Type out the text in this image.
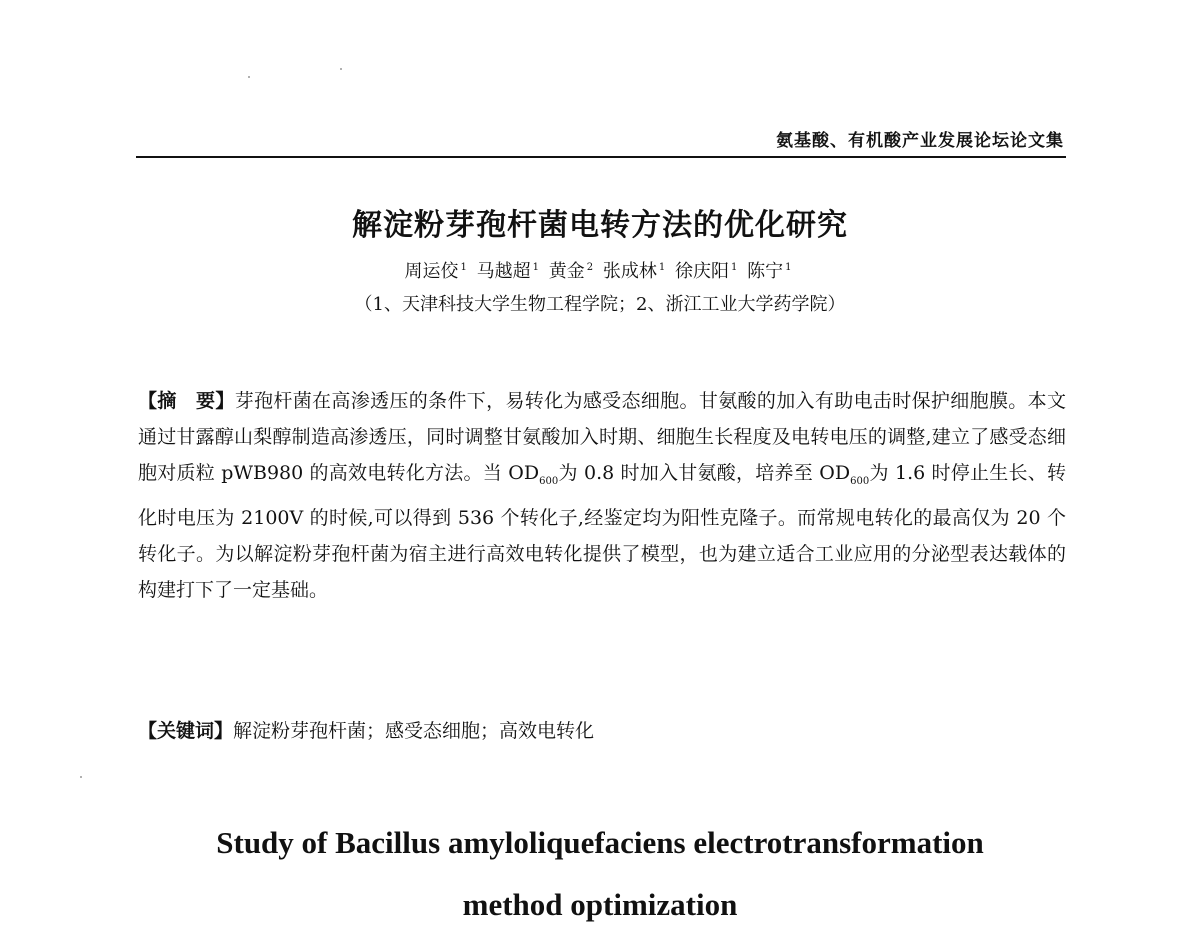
氨基酸、有机酸产业发展论坛论文集
解淀粉芽孢杆菌电转方法的优化研究
周运佼 $^1$ 马越超 $^1$ 黄金 $^2$ 张成林 $^1$ 徐庆阳 $^1$ 陈宁 $^1$
（1、天津科技大学生物工程学院；2、浙江工业大学药学院）

【摘　要】芽孢杆菌在高渗透压的条件下，易转化为感受态细胞。甘氨酸的加入有助电击时保护细胞膜。本文通过甘露醇山梨醇制造高渗透压，同时调整甘氨酸加入时期、细胞生长程度及电转电压的调整,建立了感受态细胞对质粒 pWB980 的高效电转化方法。当 $OD_{600}$为 0.8 时加入甘氨酸，培养至 $OD_{600}$为 1.6 时停止生长、转化时电压为 2100V 的时候,可以得到 536 个转化子,经鉴定均为阳性克隆子。而常规电转化的最高仅为 20 个转化子。为以解淀粉芽孢杆菌为宿主进行高效电转化提供了模型，也为建立适合工业应用的分泌型表达载体的构建打下了一定基础。

【关键词】解淀粉芽孢杆菌；感受态细胞；高效电转化
Study of Bacillus amyloliquefaciens electrotransformation
method optimization
